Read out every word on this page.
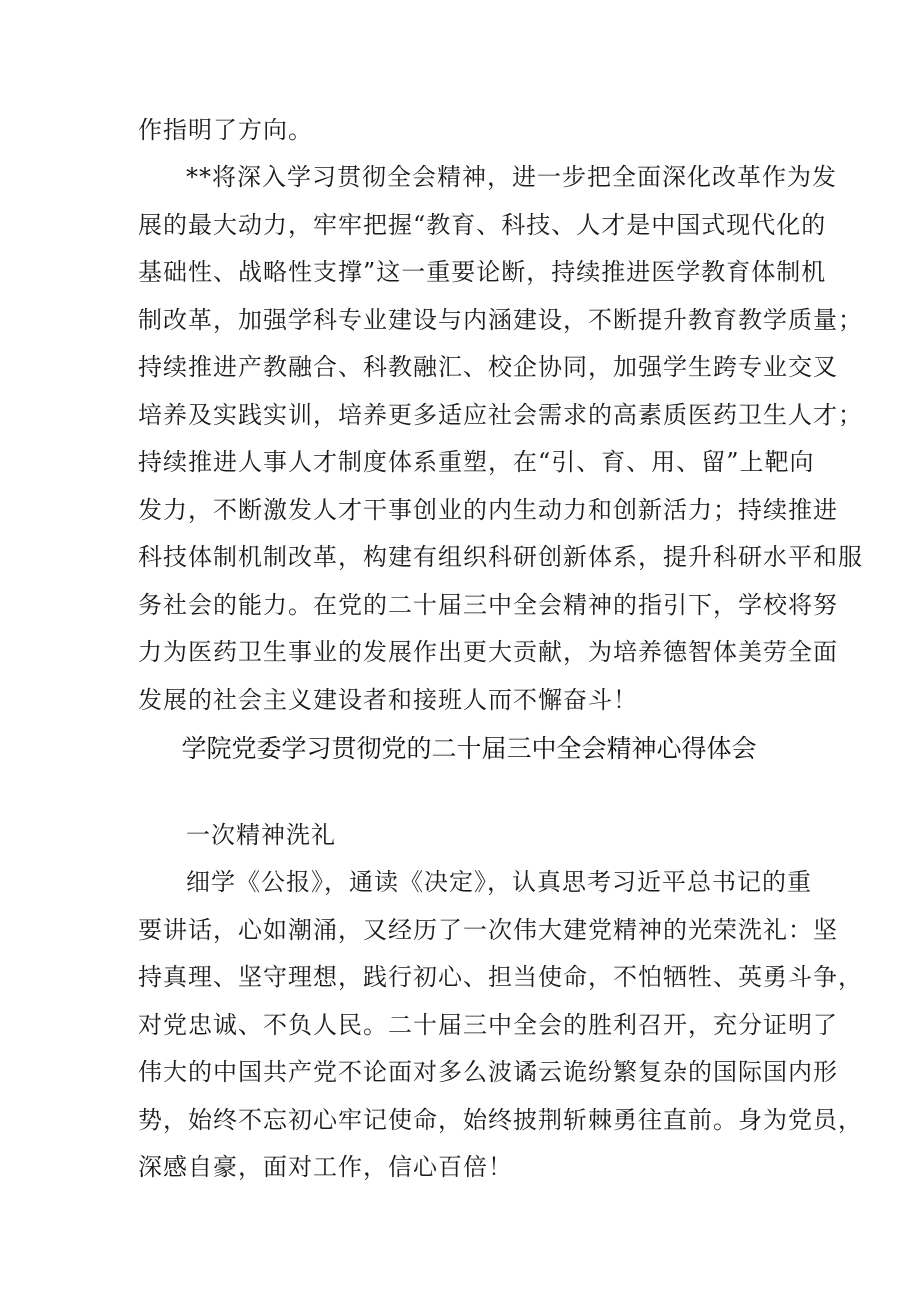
作指明了方向。
**将深入学习贯彻全会精神，进一步把全面深化改革作为发
展的最大动力，牢牢把握“教育、科技、人才是中国式现代化的
基础性、战略性支撑”这一重要论断，持续推进医学教育体制机
制改革，加强学科专业建设与内涵建设，不断提升教育教学质量；
持续推进产教融合、科教融汇、校企协同，加强学生跨专业交叉
培养及实践实训，培养更多适应社会需求的高素质医药卫生人才；
持续推进人事人才制度体系重塑，在“引、育、用、留”上靶向
发力，不断激发人才干事创业的内生动力和创新活力；持续推进
科技体制机制改革，构建有组织科研创新体系，提升科研水平和服
务社会的能力。在党的二十届三中全会精神的指引下，学校将努
力为医药卫生事业的发展作出更大贡献，为培养德智体美劳全面
发展的社会主义建设者和接班人而不懈奋斗！
学院党委学习贯彻党的二十届三中全会精神心得体会
一次精神洗礼
细学《公报》，通读《决定》，认真思考习近平总书记的重
要讲话，心如潮涌，又经历了一次伟大建党精神的光荣洗礼：坚
持真理、坚守理想，践行初心、担当使命，不怕牺牲、英勇斗争，
对党忠诚、不负人民。二十届三中全会的胜利召开，充分证明了
伟大的中国共产党不论面对多么波谲云诡纷繁复杂的国际国内形
势，始终不忘初心牢记使命，始终披荆斩棘勇往直前。身为党员，
深感自豪，面对工作，信心百倍！
